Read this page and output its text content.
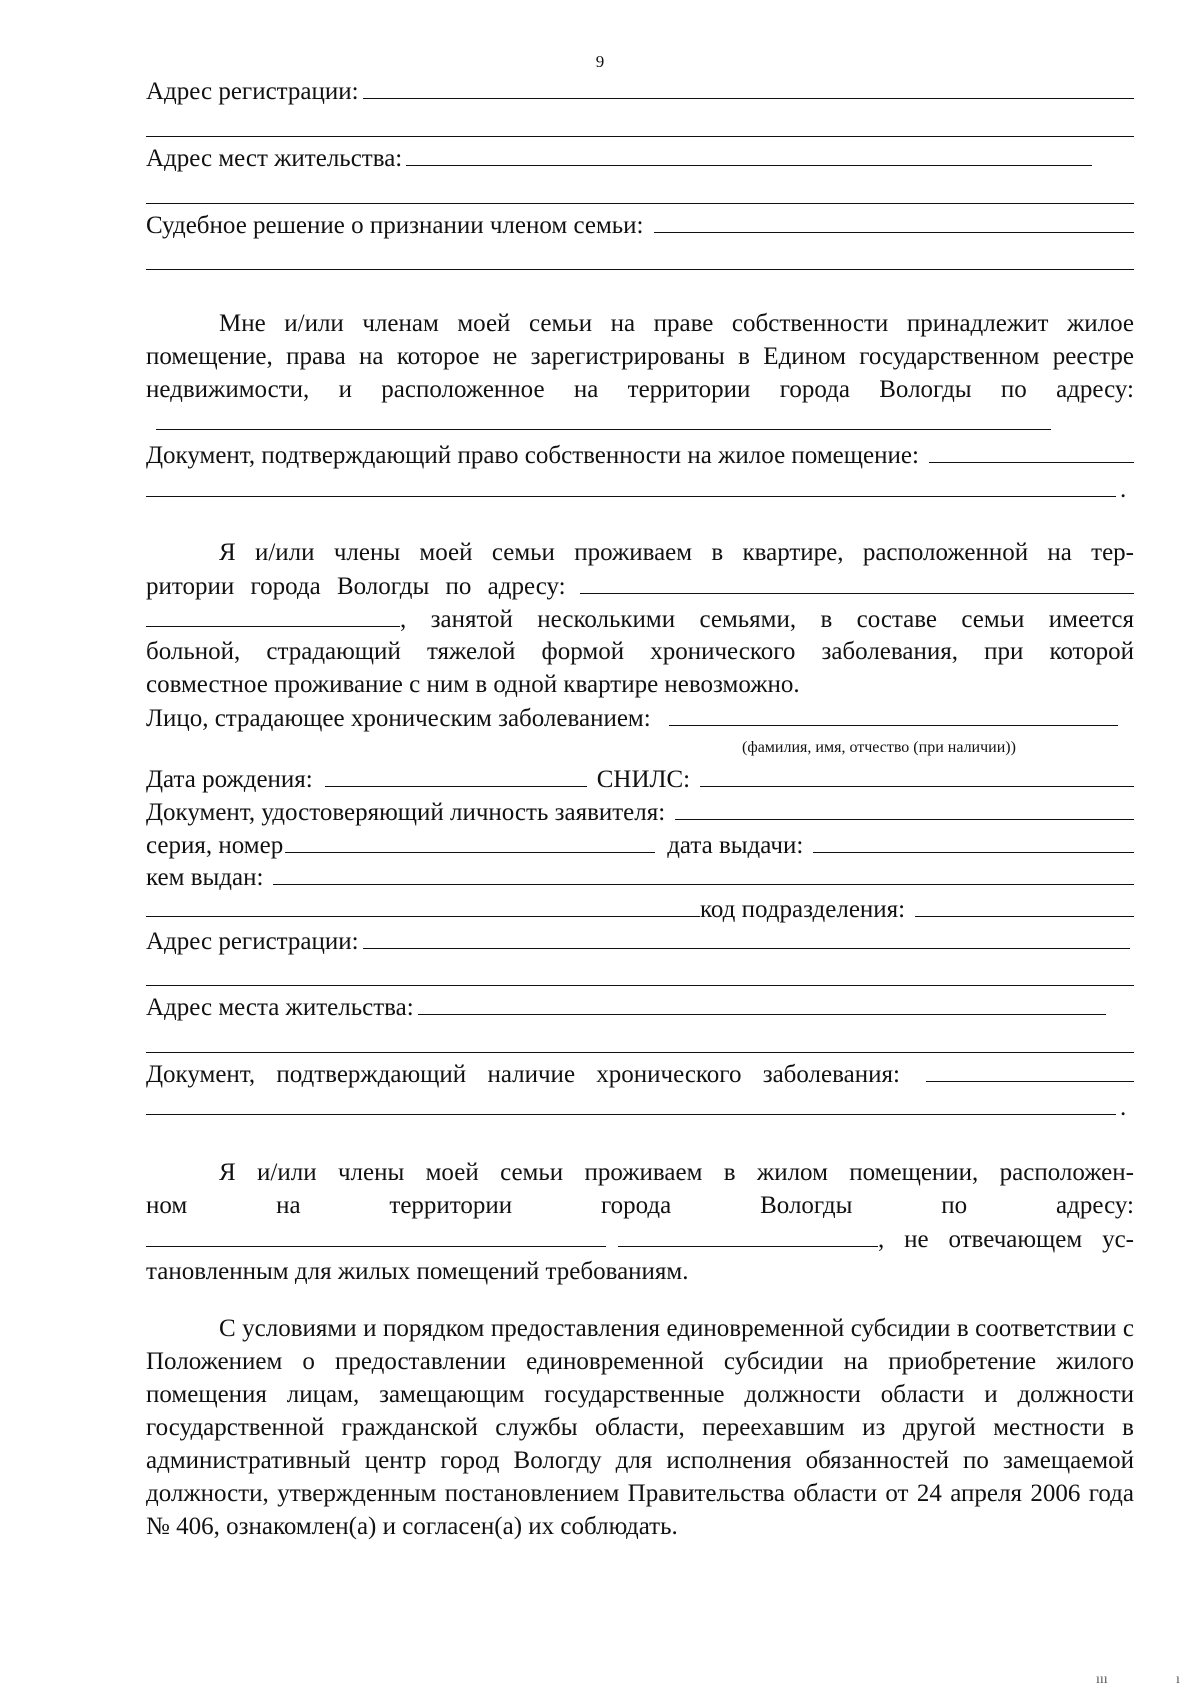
9
Адрес регистрации:
Адрес мест жительства:
Судебное решение о признании членом семьи:
Мне и/или членам моей семьи на праве собственности принадлежит жилое помещение, права на которое не зарегистрированы в Едином государственном реестре недвижимости, и расположенное на территории города Вологды по адресу:
Документ, подтверждающий право собственности на жилое помещение:
.
Я и/или члены моей семьи проживаем в квартире, расположенной на тер-
ритории города Вологды по адресу:
, занятой несколькими семьями, в составе семьи имеется
больной, страдающий тяжелой формой хронического заболевания, при которой
совместное проживание с ним в одной квартире невозможно.
Лицо, страдающее хроническим заболеванием:
(фамилия, имя, отчество (при наличии))
Дата рождения:	СНИЛС:
Документ, удостоверяющий личность заявителя:
серия, номер	дата выдачи:
кем выдан:
код подразделения:
Адрес регистрации:
Адрес места жительства:
Документ, подтверждающий наличие хронического заболевания:
.
Я и/или члены моей семьи проживаем в жилом помещении, расположен-
ном	на	территории	города	Вологды	по	адресу:
, не отвечающем ус-
тановленным для жилых помещений требованиям.
С условиями и порядком предоставления единовременной субсидии в соответствии с Положением о предоставлении единовременной субсидии на приобретение жилого помещения лицам, замещающим государственные должности области и должности государственной гражданской службы области, переехавшим из другой местности в административный центр город Вологду для исполнения обязанностей по замещаемой должности, утвержденным постановлением Правительства области от 24 апреля 2006 года № 406, ознакомлен(а) и согласен(а) их соблюдать.
ııı	ı
